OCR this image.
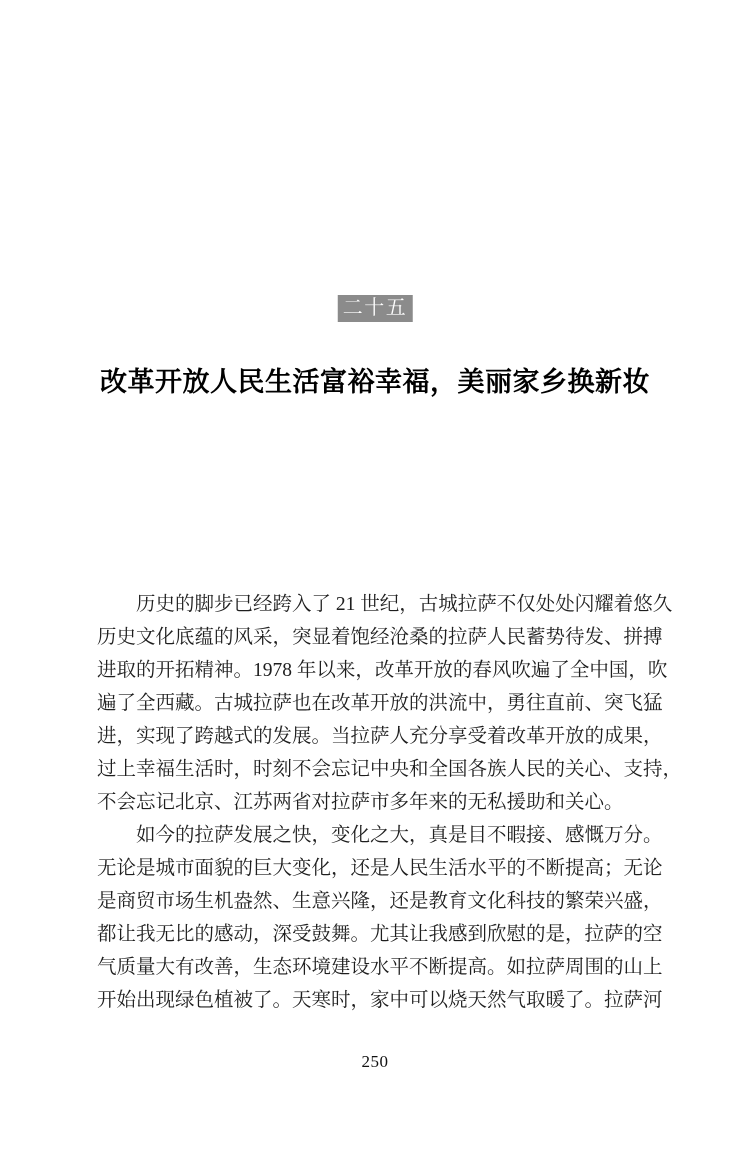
二十五
改革开放人民生活富裕幸福，美丽家乡换新妆
历史的脚步已经跨入了 21 世纪，古城拉萨不仅处处闪耀着悠久
历史文化底蕴的风采，突显着饱经沧桑的拉萨人民蓄势待发、拼搏
进取的开拓精神。1978 年以来，改革开放的春风吹遍了全中国，吹
遍了全西藏。古城拉萨也在改革开放的洪流中，勇往直前、突飞猛
进，实现了跨越式的发展。当拉萨人充分享受着改革开放的成果，
过上幸福生活时，时刻不会忘记中央和全国各族人民的关心、支持，
不会忘记北京、江苏两省对拉萨市多年来的无私援助和关心。
如今的拉萨发展之快，变化之大，真是目不暇接、感慨万分。
无论是城市面貌的巨大变化，还是人民生活水平的不断提高；无论
是商贸市场生机盎然、生意兴隆，还是教育文化科技的繁荣兴盛，
都让我无比的感动，深受鼓舞。尤其让我感到欣慰的是，拉萨的空
气质量大有改善，生态环境建设水平不断提高。如拉萨周围的山上
开始出现绿色植被了。天寒时，家中可以烧天然气取暖了。拉萨河
250
